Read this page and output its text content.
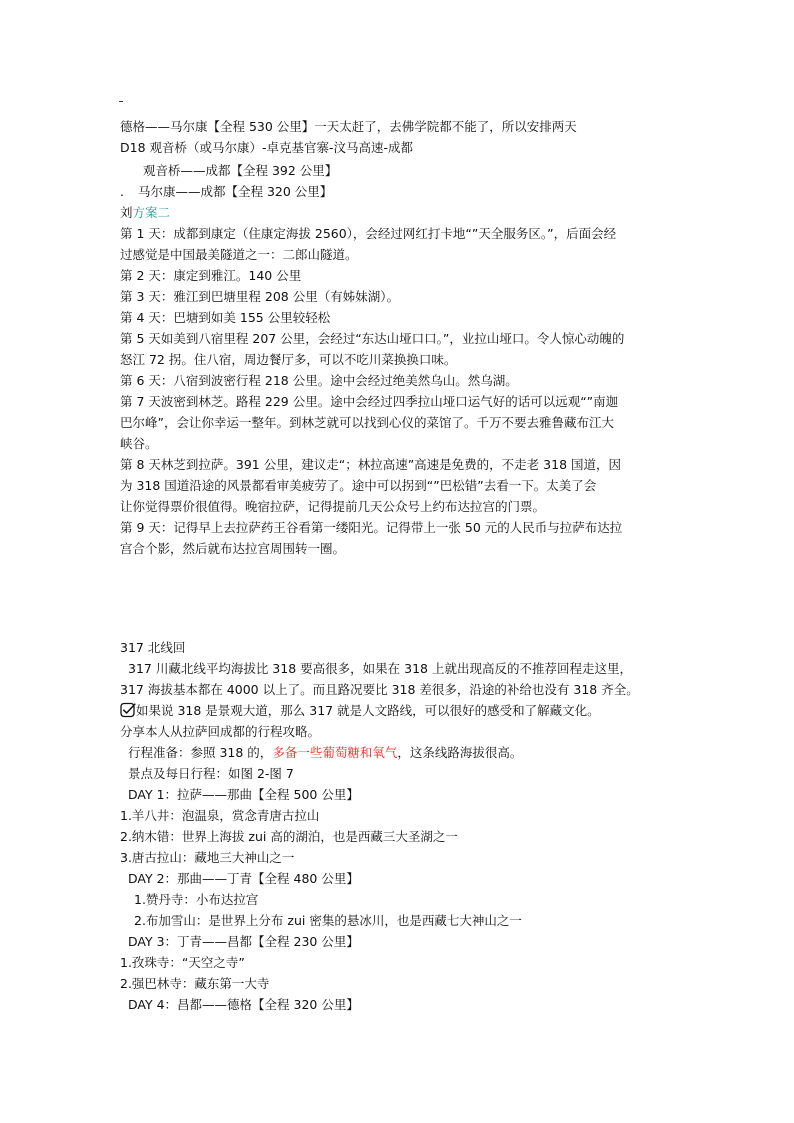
德格——马尔康【全程 530 公里】一天太赶了，去佛学院都不能了，所以安排两天
D18 观音桥（或马尔康）-卓克基官寨-汶马高速-成都
观音桥——成都【全程 392 公里】
. 马尔康——成都【全程 320 公里】
刘方案二
第 1 天：成都到康定（住康定海拔 2560），会经过网红打卡地“”天全服务区。”，后面会经
过感觉是中国最美隧道之一：二郎山隧道。
第 2 天：康定到雅江。140 公里
第 3 天：雅江到巴塘里程 208 公里（有姊妹湖）。
第 4 天：巴塘到如美 155 公里较轻松
第 5 天如美到八宿里程 207 公里，会经过“东达山垭口口。”，业拉山垭口。令人惊心动魄的
怒江 72 拐。住八宿，周边餐厅多，可以不吃川菜换换口味。
第 6 天：八宿到波密行程 218 公里。途中会经过绝美然乌山。然乌湖。
第 7 天波密到林芝。路程 229 公里。途中会经过四季拉山垭口运气好的话可以远观“”南迦
巴尔峰”，会让你幸运一整年。到林芝就可以找到心仪的菜馆了。千万不要去雅鲁藏布江大
峡谷。
第 8 天林芝到拉萨。391 公里，建议走“；林拉高速”高速是免费的，不走老 318 国道，因
为 318 国道沿途的风景都看审美疲劳了。途中可以拐到“”巴松错”去看一下。太美了会
让你觉得票价很值得。晚宿拉萨，记得提前几天公众号上约布达拉宫的门票。
第 9 天：记得早上去拉萨药王谷看第一缕阳光。记得带上一张 50 元的人民币与拉萨布达拉
宫合个影，然后就布达拉宫周围转一圈。
317 北线回
317 川藏北线平均海拔比 318 要高很多，如果在 318 上就出现高反的不推荐回程走这里，
317 海拔基本都在 4000 以上了。而且路况要比 318 差很多，沿途的补给也没有 318 齐全。
如果说 318 是景观大道，那么 317 就是人文路线，可以很好的感受和了解藏文化。
分享本人从拉萨回成都的行程攻略。
行程准备：参照 318 的，多备一些葡萄糖和氧气，这条线路海拔很高。
景点及每日行程：如图 2-图 7
DAY 1：拉萨——那曲【全程 500 公里】
1.羊八井：泡温泉，赏念青唐古拉山
2.纳木错：世界上海拔 zui 高的湖泊，也是西藏三大圣湖之一
3.唐古拉山：藏地三大神山之一
DAY 2：那曲——丁青【全程 480 公里】
1.赞丹寺：小布达拉宫
2.布加雪山：是世界上分布 zui 密集的悬冰川，也是西藏七大神山之一
DAY 3：丁青——昌都【全程 230 公里】
1.孜珠寺：“天空之寺”
2.强巴林寺：藏东第一大寺
DAY 4：昌都——德格【全程 320 公里】
